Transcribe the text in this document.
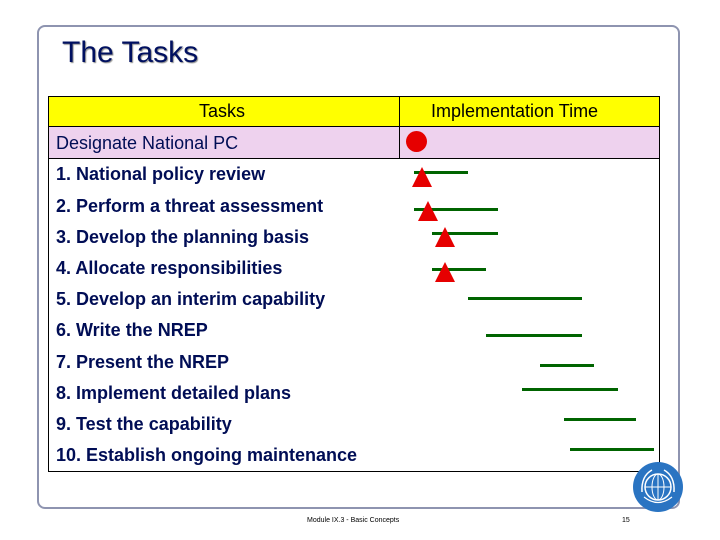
The Tasks
Tasks	Implementation Time
Designate National PC
1. National policy review
2. Perform a threat assessment
3. Develop the planning basis
4. Allocate responsibilities
5. Develop an interim capability
6. Write the NREP
7. Present the NREP
8. Implement detailed plans
9. Test the capability
10. Establish ongoing maintenance
Module IX.3 - Basic Concepts	15
